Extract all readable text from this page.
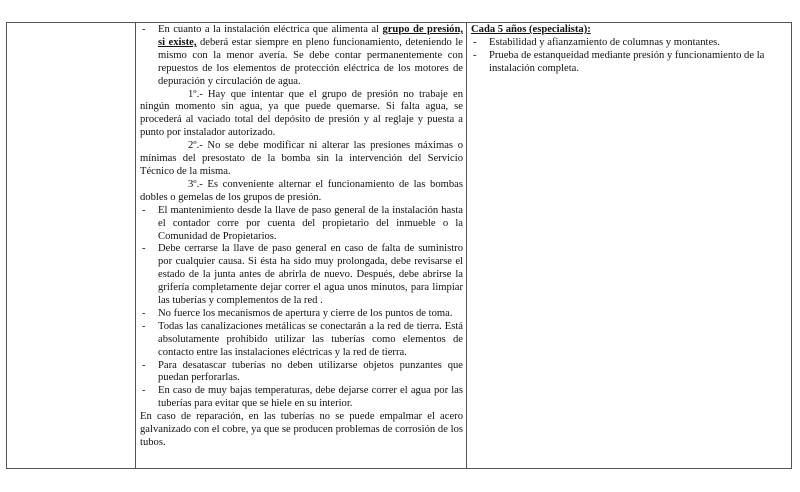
- En cuanto a la instalación eléctrica que alimenta al grupo de presión, si existe, deberá estar siempre en pleno funcionamiento, deteniendo le mismo con la menor avería. Se debe contar permanentemente con repuestos de los elementos de protección eléctrica de los motores de depuración y circulación de agua.
1º.- Hay que intentar que el grupo de presión no trabaje en ningún momento sin agua, ya que puede quemarse. Si falta agua, se procederá al vaciado total del depósito de presión y al reglaje y puesta a punto por instalador autorizado.
2º.- No se debe modificar ni alterar las presiones máximas o mínimas del presostato de la bomba sin la intervención del Servicio Técnico de la misma.
3º.- Es conveniente alternar el funcionamiento de las bombas dobles o gemelas de los grupos de presión.
- El mantenimiento desde la llave de paso general de la instalación hasta el contador corre por cuenta del propietario del inmueble o la Comunidad de Propietarios.
- Debe cerrarse la llave de paso general en caso de falta de suministro por cualquier causa. Si ésta ha sido muy prolongada, debe revisarse el estado de la junta antes de abrirla de nuevo. Después, debe abrirse la grifería completamente dejar correr el agua unos minutos, para limpiar las tuberías y complementos de la red .
- No fuerce los mecanismos de apertura y cierre de los puntos de toma.
- Todas las canalizaciones metálicas se conectarán a la red de tierra. Está absolutamente prohibido utilizar las tuberías como elementos de contacto entre las instalaciones eléctricas y la red de tierra.
- Para desatascar tuberías no deben utilizarse objetos punzantes que puedan perforarlas.
- En caso de muy bajas temperaturas, debe dejarse correr el agua por las tuberías para evitar que se hiele en su interior.
En caso de reparación, en las tuberías no se puede empalmar el acero galvanizado con el cobre, ya que se producen problemas de corrosión de los tubos.
Cada 5 años (especialista):
- Estabilidad y afianzamiento de columnas y montantes.
- Prueba de estanqueidad mediante presión y funcionamiento de la instalación completa.
